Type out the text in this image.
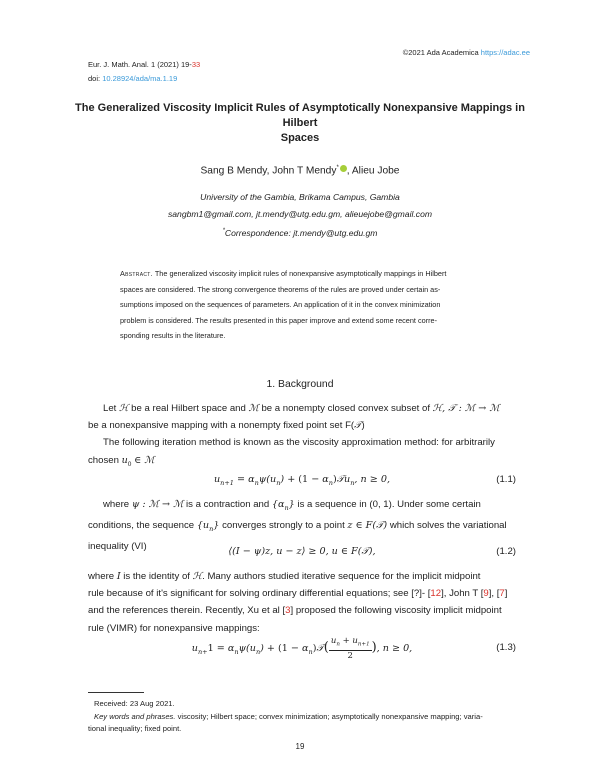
©2021 Ada Academica https://adac.ee
Eur. J. Math. Anal. 1 (2021) 19-33
doi: 10.28924/ada/ma.1.19
The Generalized Viscosity Implicit Rules of Asymptotically Nonexpansive Mappings in Hilbert
Spaces
Sang B Mendy, John T Mendy* , Alieu Jobe
University of the Gambia, Brikama Campus, Gambia
sangbm1@gmail.com, jt.mendy@utg.edu.gm, alieuejobe@gmail.com
*Correspondence: jt.mendy@utg.edu.gm
Abstract. The generalized viscosity implicit rules of nonexpansive asymptotically mappings in Hilbert
spaces are considered. The strong convergence theorems of the rules are proved under certain as-
sumptions imposed on the sequences of parameters. An application of it in the convex minimization
problem is considered. The results presented in this paper improve and extend some recent corre-
sponding results in the literature.
1. Background
Let ℋ be a real Hilbert space and ℳ be a nonempty closed convex subset of ℋ, 𝒯 : ℳ → ℳ
be a nonexpansive mapping with a nonempty fixed point set F(𝒯)
The following iteration method is known as the viscosity approximation method: for arbitrarily
chosen $u_0$ ∈ ℳ
$u_{n+1} = \alpha_n\psi(u_n) + (1$ − $\alpha_n)𝒯u_n$, n ≥ 0,	(1.1)
where ψ : ℳ → ℳ is a contraction and $\{\alpha_n\}$ is a sequence in (0, 1). Under some certain
conditions, the sequence $\{u_n\}$ converges strongly to a point z ∈ F(𝒯) which solves the variational
inequality (VI)	⟨(I − ψ)z, u − z⟩ ≥ 0, u ∈ F(𝒯),	(1.2)
where I is the identity of ℋ. Many authors studied iterative sequence for the implicit midpoint
rule because of it's significant for solving ordinary differential equations; see [?]- [12], John T [9], [7]
and the references therein. Recently, Xu et al [3] proposed the following viscosity implicit midpoint
rule (VIMR) for nonexpansive mappings:
$u_{n+}1 = \alpha_n\psi(u_n) + (1$ − $\alpha_n)𝒯( \frac{u_n + u_{n+1}}{2}$ ), n ≥ 0,	(1.3)
Received: 23 Aug 2021.
Key words and phrases. viscosity; Hilbert space; convex minimization; asymptotically nonexpansive mapping; varia-
tional inequality; fixed point.
19
